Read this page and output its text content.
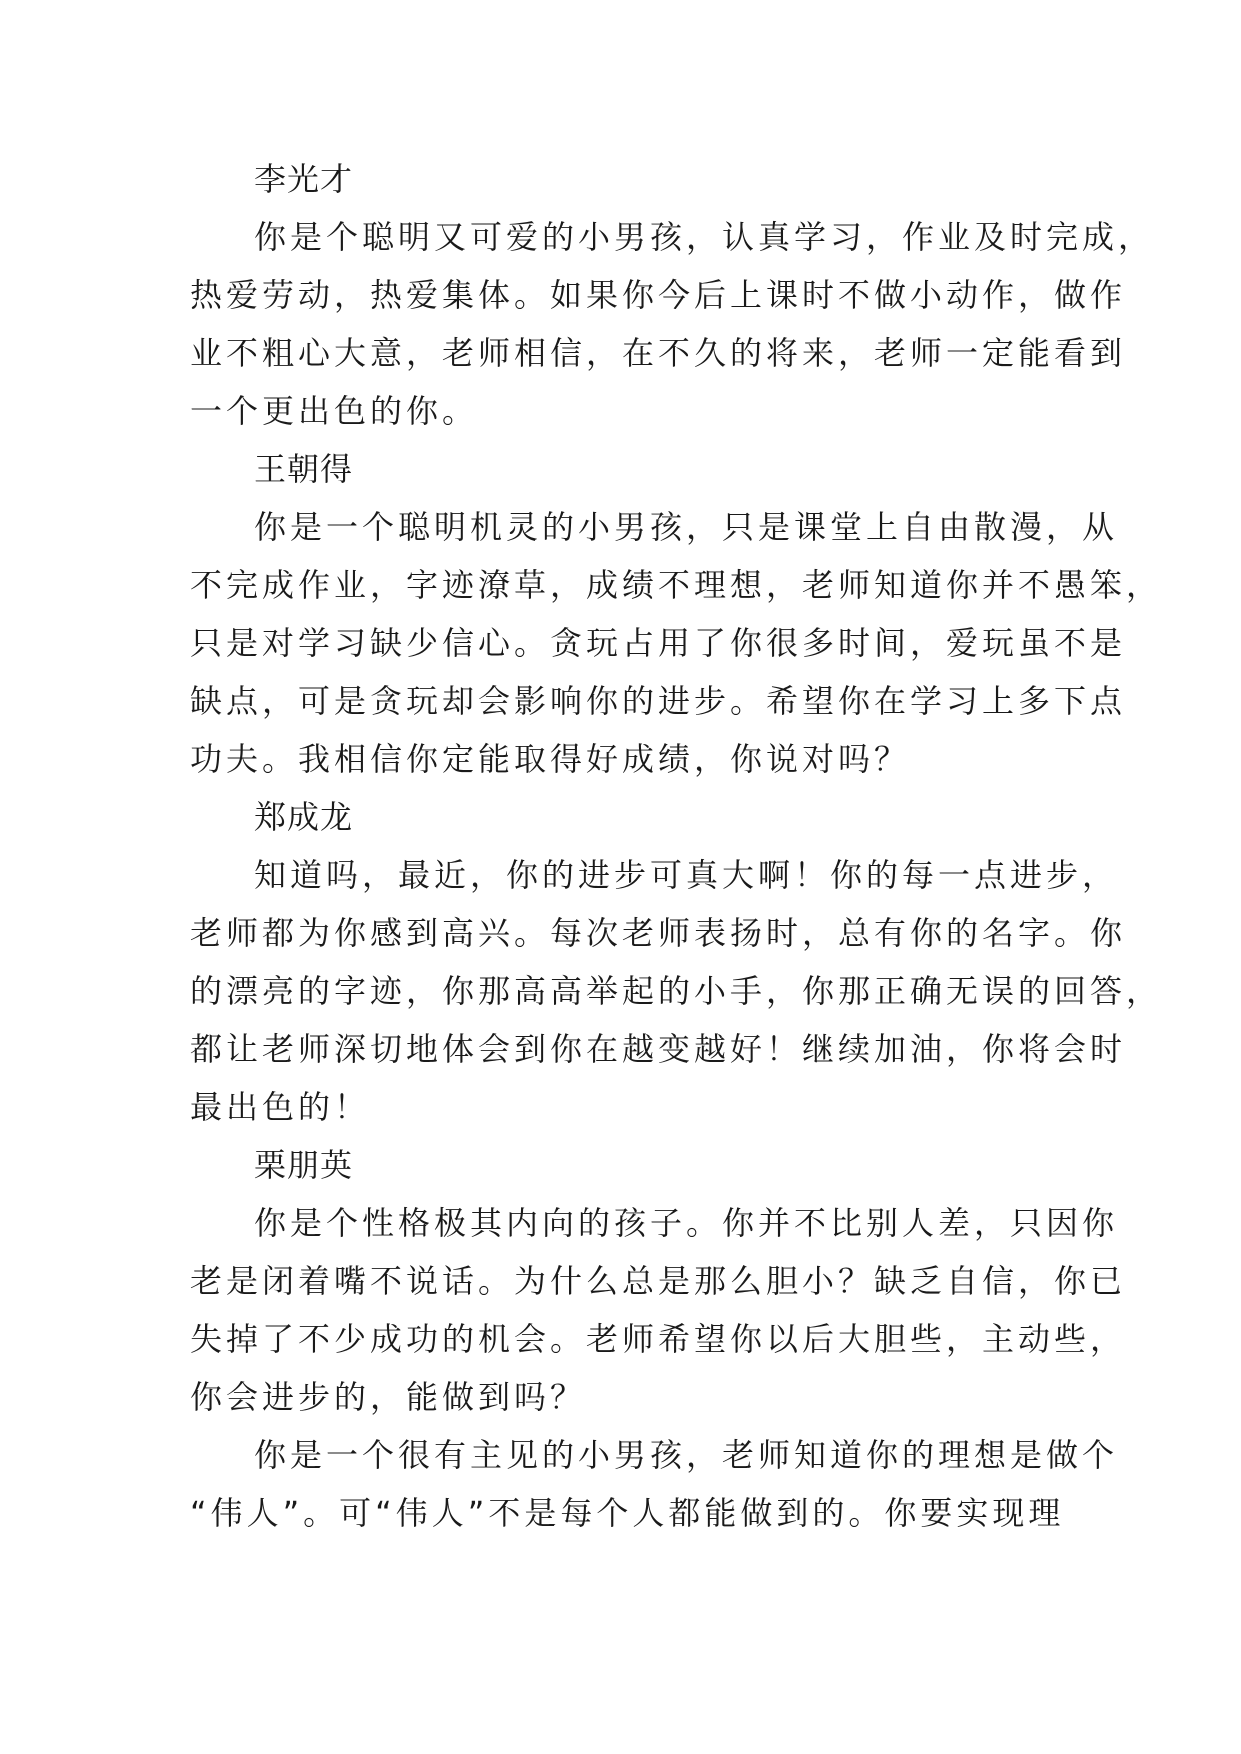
李光才
你是个聪明又可爱的小男孩，认真学习，作业及时完成，
热爱劳动，热爱集体。如果你今后上课时不做小动作，做作
业不粗心大意，老师相信，在不久的将来，老师一定能看到
一个更出色的你。
王朝得
你是一个聪明机灵的小男孩，只是课堂上自由散漫，从
不完成作业，字迹潦草，成绩不理想，老师知道你并不愚笨，
只是对学习缺少信心。贪玩占用了你很多时间，爱玩虽不是
缺点，可是贪玩却会影响你的进步。希望你在学习上多下点
功夫。我相信你定能取得好成绩，你说对吗？
郑成龙
知道吗，最近，你的进步可真大啊！你的每一点进步，
老师都为你感到高兴。每次老师表扬时，总有你的名字。你
的漂亮的字迹，你那高高举起的小手，你那正确无误的回答，
都让老师深切地体会到你在越变越好！继续加油，你将会时
最出色的！
栗朋英
你是个性格极其内向的孩子。你并不比别人差，只因你
老是闭着嘴不说话。为什么总是那么胆小？缺乏自信，你已
失掉了不少成功的机会。老师希望你以后大胆些，主动些，
你会进步的，能做到吗？
你是一个很有主见的小男孩，老师知道你的理想是做个
“伟人”。可“伟人”不是每个人都能做到的。你要实现理
